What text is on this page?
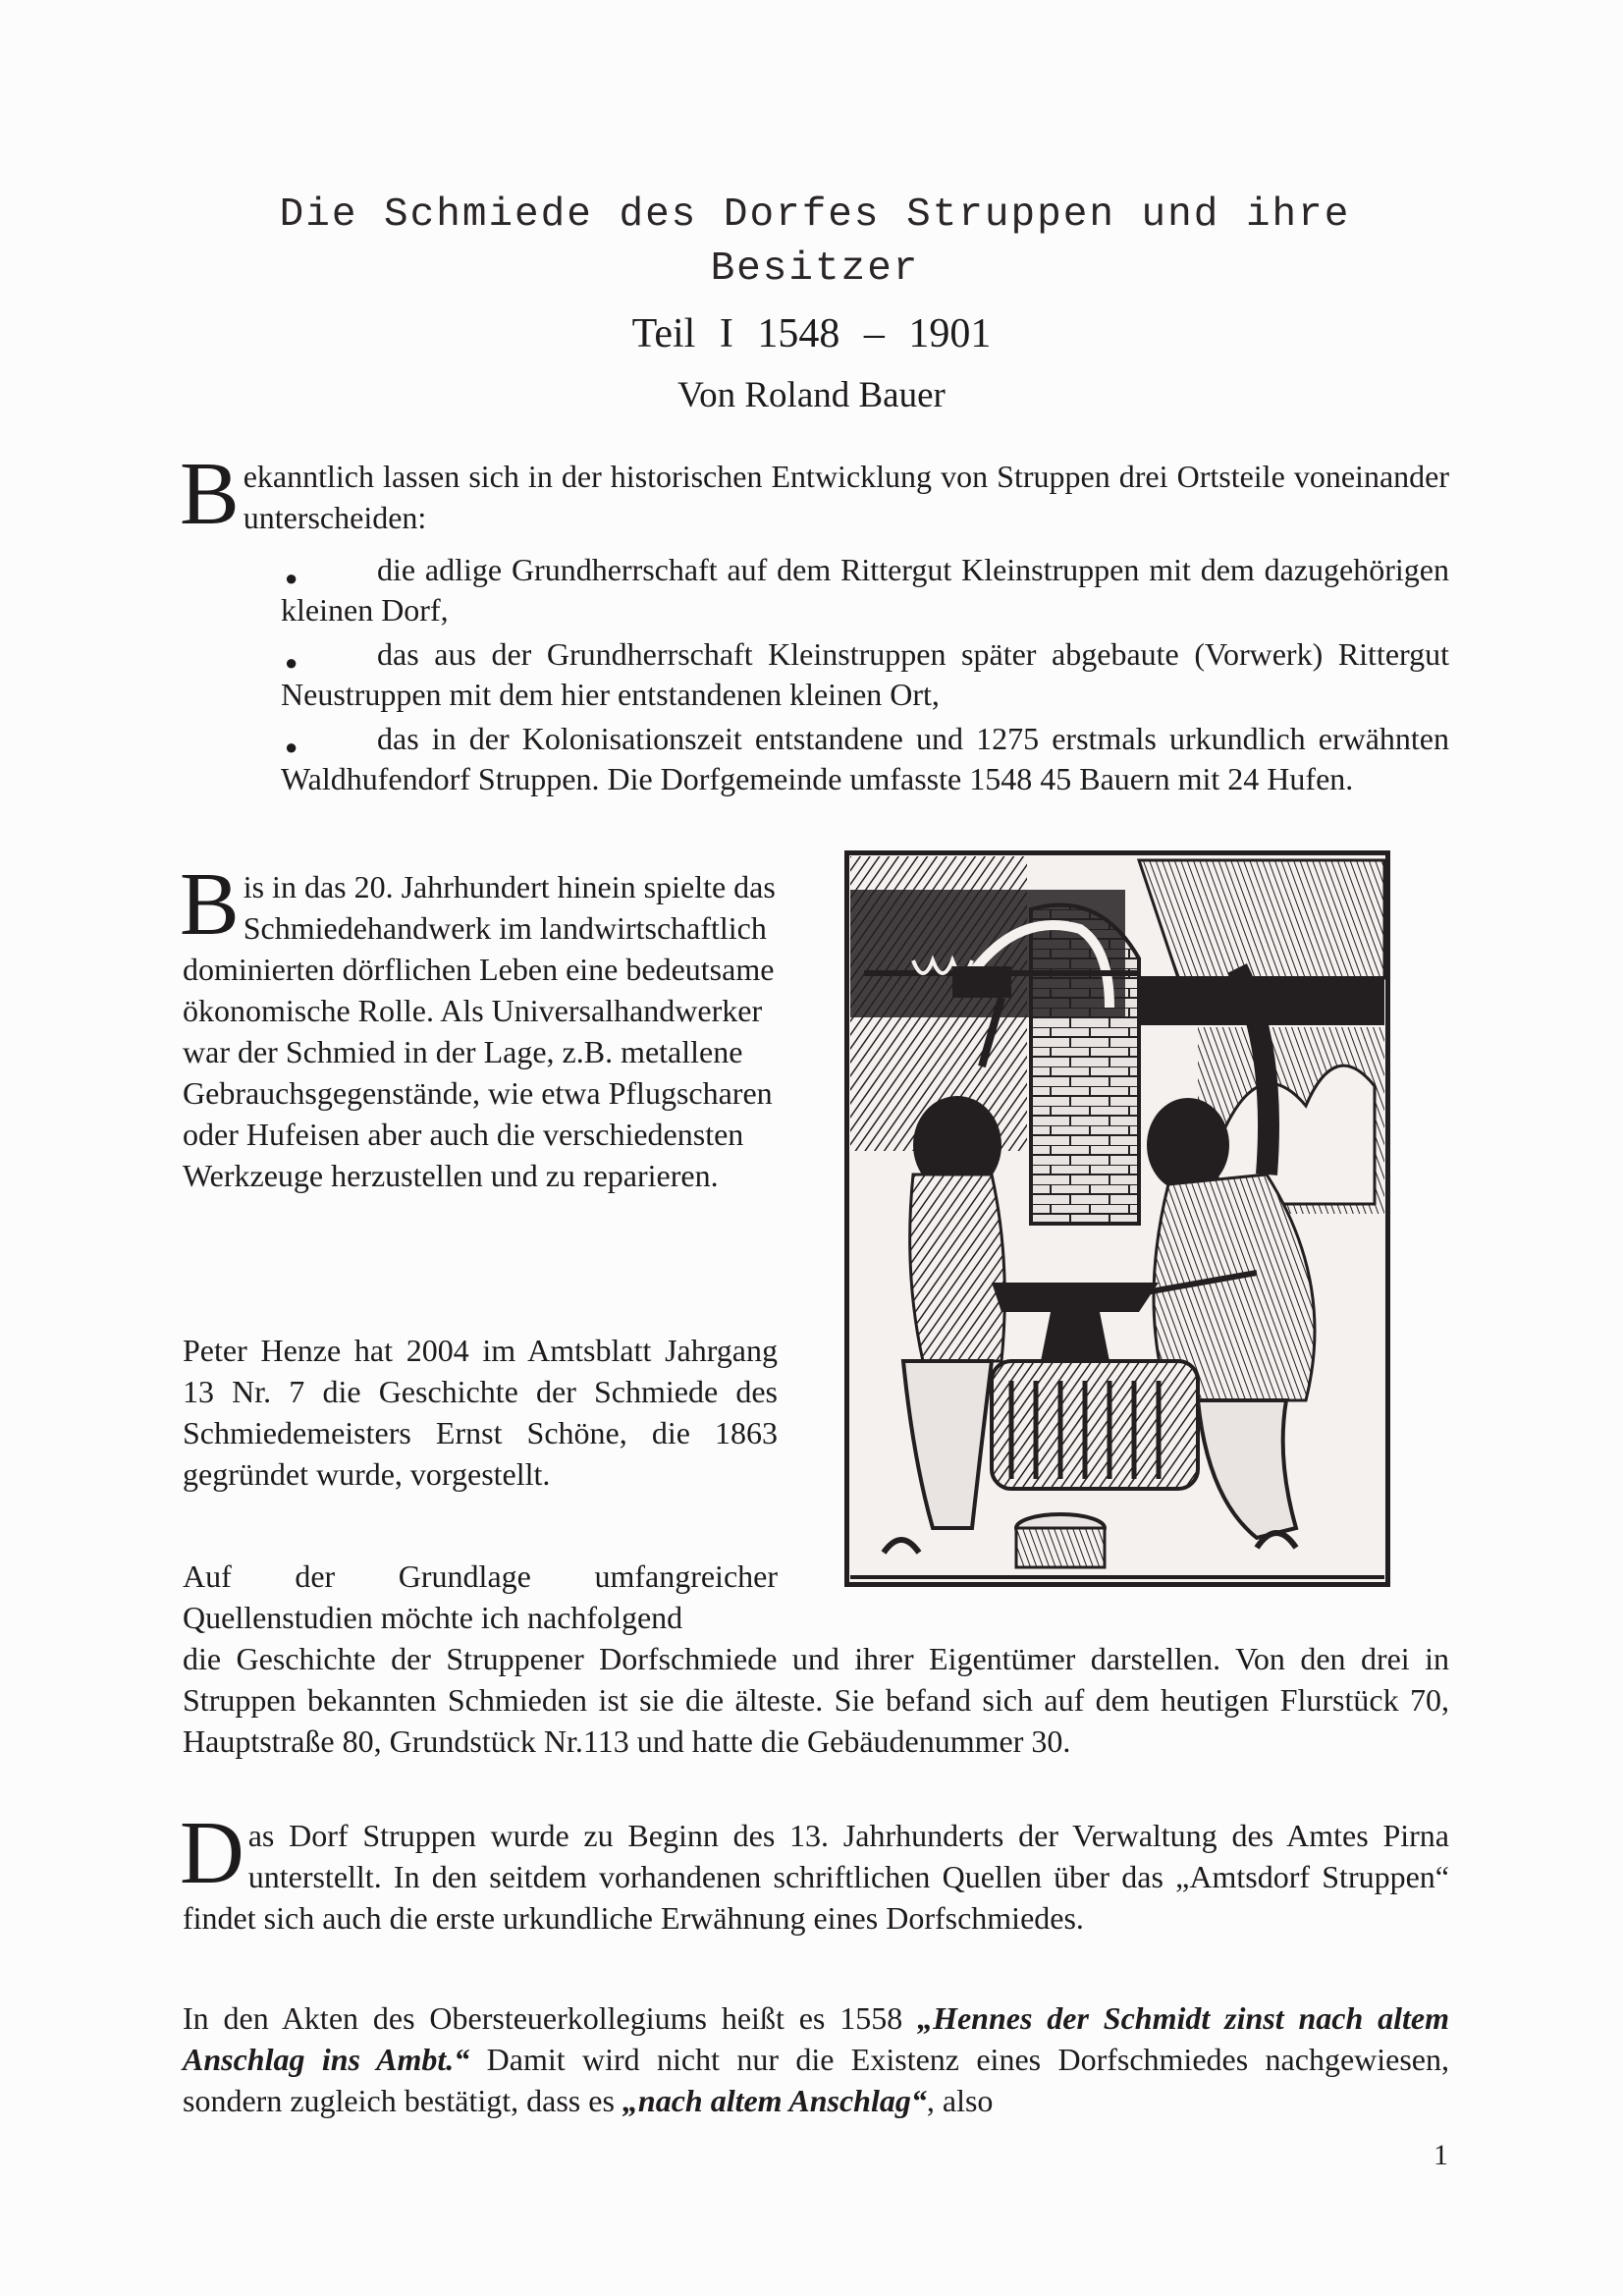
Die Schmiede des Dorfes Struppen und ihre
Besitzer
Teil I 1548 – 1901
Von Roland Bauer

Bekanntlich lassen sich in der historischen Entwicklung von Struppen drei Ortsteile voneinander unterscheiden:

●	die adlige Grundherrschaft auf dem Rittergut Kleinstruppen mit dem dazugehörigen kleinen Dorf,
●	das aus der Grundherrschaft Kleinstruppen später abgebaute (Vorwerk) Rittergut Neustruppen mit dem hier entstandenen kleinen Ort,
●	das in der Kolonisationszeit entstandene und 1275 erstmals urkundlich erwähnten Waldhufendorf Struppen. Die Dorfgemeinde umfasste 1548 45 Bauern mit 24 Hufen.

Bis in das 20. Jahrhundert hinein spielte das Schmiedehandwerk im landwirtschaftlich dominierten dörflichen Leben eine bedeutsame ökonomische Rolle. Als Universalhandwerker war der Schmied in der Lage, z.B. metallene Gebrauchsgegenstände, wie etwa Pflugscharen oder Hufeisen aber auch die verschiedensten Werkzeuge herzustellen und zu reparieren.

Peter Henze hat 2004 im Amtsblatt Jahrgang 13 Nr. 7 die Geschichte der Schmiede des Schmiedemeisters Ernst Schöne, die 1863 gegründet wurde, vorgestellt.

Auf der Grundlage umfangreicher
Quellenstudien möchte ich nachfolgend
die Geschichte der Struppener Dorfschmiede und ihrer Eigentümer darstellen. Von den drei in Struppen bekannten Schmieden ist sie die älteste. Sie befand sich auf dem heutigen Flurstück 70, Hauptstraße 80, Grundstück Nr.113 und hatte die Gebäudenummer 30.

Das Dorf Struppen wurde zu Beginn des 13. Jahrhunderts der Verwaltung des Amtes Pirna unterstellt. In den seitdem vorhandenen schriftlichen Quellen über das „Amtsdorf Struppen“ findet sich auch die erste urkundliche Erwähnung eines Dorfschmiedes.

In den Akten des Obersteuerkollegiums heißt es 1558 „Hennes der Schmidt zinst nach altem Anschlag ins Ambt.“ Damit wird nicht nur die Existenz eines Dorfschmiedes nachgewiesen, sondern zugleich bestätigt, dass es „nach altem Anschlag“, also

1
